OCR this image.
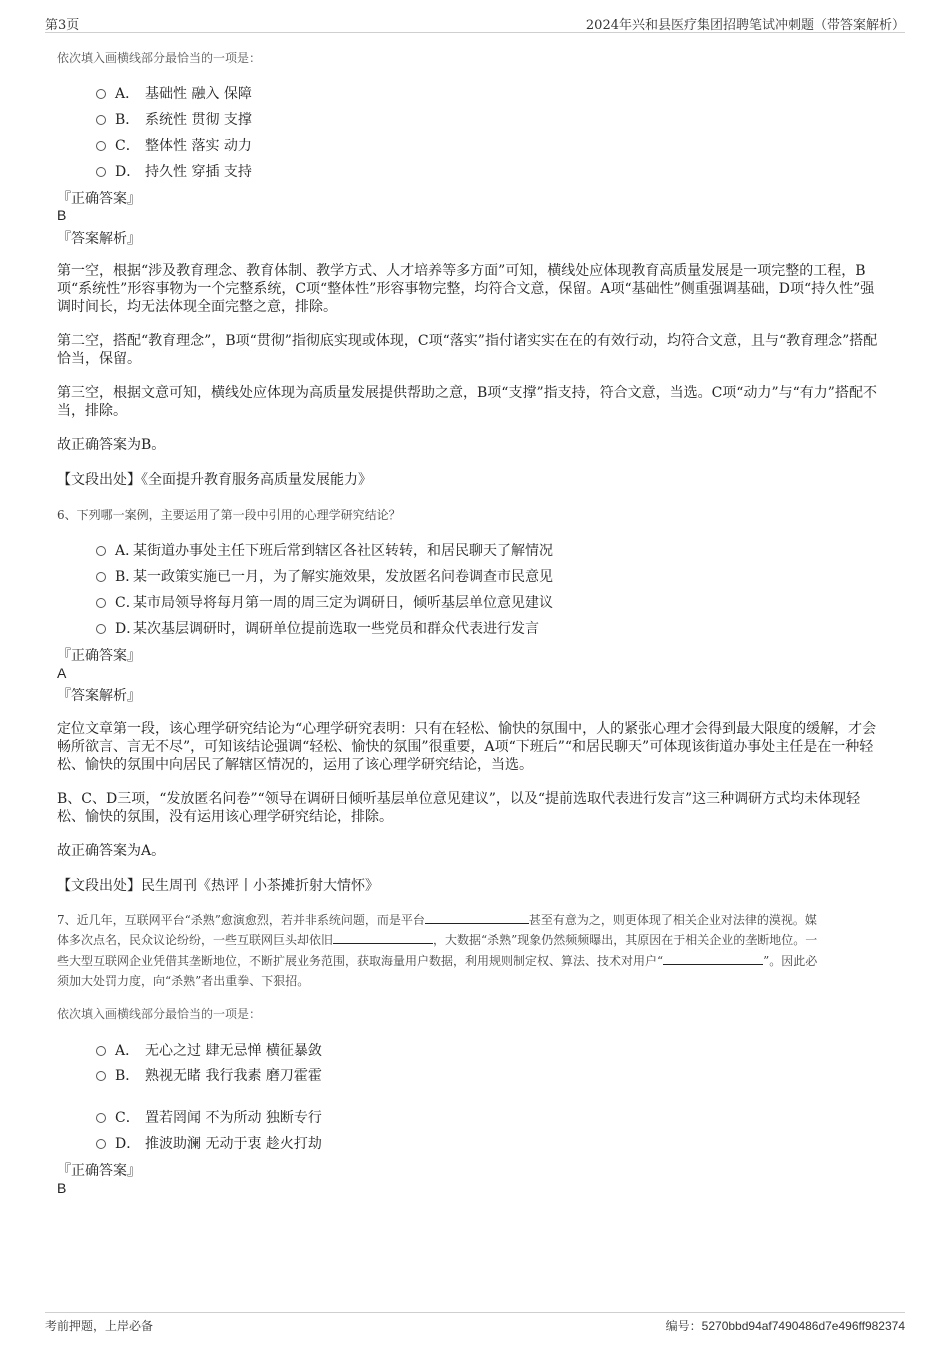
第3页	2024年兴和县医疗集团招聘笔试冲刺题（带答案解析）
依次填入画横线部分最恰当的一项是：
A． 基础性 融入 保障
B． 系统性 贯彻 支撑
C． 整体性 落实 动力
D． 持久性 穿插 支持
『正确答案』
B
『答案解析』
第一空，根据“涉及教育理念、教育体制、教学方式、人才培养等多方面”可知，横线处应体现教育高质量发展是一项完整的工程，B项“系统性”形容事物为一个完整系统，C项“整体性”形容事物完整，均符合文意，保留。A项“基础性”侧重强调基础，D项“持久性”强调时间长，均无法体现全面完整之意，排除。
第二空，搭配“教育理念”，B项“贯彻”指彻底实现或体现，C项“落实”指付诸实实在在的有效行动，均符合文意，且与“教育理念”搭配恰当，保留。
第三空，根据文意可知，横线处应体现为高质量发展提供帮助之意，B项“支撑”指支持，符合文意，当选。C项“动力”与“有力”搭配不当，排除。
故正确答案为B。
【文段出处】《全面提升教育服务高质量发展能力》
6、下列哪一案例，主要运用了第一段中引用的心理学研究结论？
A．某街道办事处主任下班后常到辖区各社区转转，和居民聊天了解情况
B．某一政策实施已一月，为了解实施效果，发放匿名问卷调查市民意见
C．某市局领导将每月第一周的周三定为调研日，倾听基层单位意见建议
D．某次基层调研时，调研单位提前选取一些党员和群众代表进行发言
『正确答案』
A
『答案解析』
定位文章第一段，该心理学研究结论为“心理学研究表明：只有在轻松、愉快的氛围中，人的紧张心理才会得到最大限度的缓解，才会畅所欲言、言无不尽”，可知该结论强调“轻松、愉快的氛围”很重要，A项“下班后”“和居民聊天”可体现该街道办事处主任是在一种轻松、愉快的氛围中向居民了解辖区情况的，运用了该心理学研究结论，当选。
B、C、D三项，“发放匿名问卷”“领导在调研日倾听基层单位意见建议”，以及“提前选取代表进行发言”这三种调研方式均未体现轻松、愉快的氛围，没有运用该心理学研究结论，排除。
故正确答案为A。
【文段出处】民生周刊《热评丨小茶摊折射大情怀》
7、近几年，互联网平台“杀熟”愈演愈烈，若并非系统问题，而是平台	甚至有意为之，则更体现了相关企业对法律的漠视。媒
体多次点名，民众议论纷纷，一些互联网巨头却依旧	，大数据“杀熟”现象仍然频频曝出，其原因在于相关企业的垄断地位。一
些大型互联网企业凭借其垄断地位，不断扩展业务范围，获取海量用户数据，利用规则制定权、算法、技术对用户“	”。因此必
须加大处罚力度，向“杀熟”者出重拳、下狠招。
依次填入画横线部分最恰当的一项是：
A． 无心之过 肆无忌惮 横征暴敛
B． 熟视无睹 我行我素 磨刀霍霍
C． 置若罔闻 不为所动 独断专行
D． 推波助澜 无动于衷 趁火打劫
『正确答案』
B
考前押题，上岸必备	编号：5270bbd94af7490486d7e496ff982374
